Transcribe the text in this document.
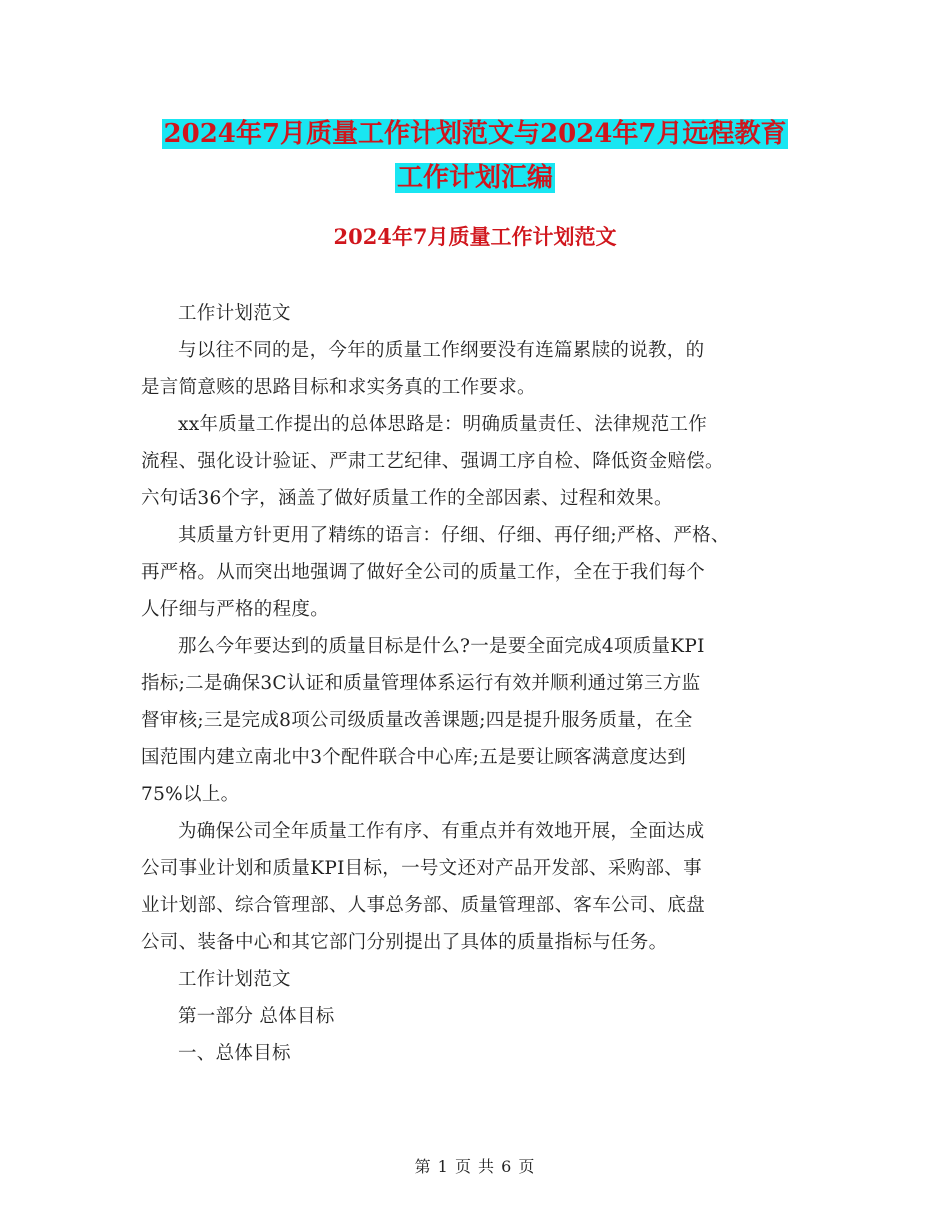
2024年7月质量工作计划范文与2024年7月远程教育
工作计划汇编
2024年7月质量工作计划范文

工作计划范文

与以往不同的是，今年的质量工作纲要没有连篇累牍的说教，的
是言简意赅的思路目标和求实务真的工作要求。

xx年质量工作提出的总体思路是：明确质量责任、法律规范工作
流程、强化设计验证、严肃工艺纪律、强调工序自检、降低资金赔偿。
六句话36个字，涵盖了做好质量工作的全部因素、过程和效果。

其质量方针更用了精练的语言：仔细、仔细、再仔细;严格、严格、
再严格。从而突出地强调了做好全公司的质量工作，全在于我们每个
人仔细与严格的程度。

那么今年要达到的质量目标是什么?一是要全面完成4项质量KPI
指标;二是确保3C认证和质量管理体系运行有效并顺利通过第三方监
督审核;三是完成8项公司级质量改善课题;四是提升服务质量，在全
国范围内建立南北中3个配件联合中心库;五是要让顾客满意度达到
75%以上。

为确保公司全年质量工作有序、有重点并有效地开展，全面达成
公司事业计划和质量KPI目标，一号文还对产品开发部、采购部、事
业计划部、综合管理部、人事总务部、质量管理部、客车公司、底盘
公司、装备中心和其它部门分别提出了具体的质量指标与任务。

工作计划范文

第一部分 总体目标

一、总体目标

第 1 页 共 6 页
